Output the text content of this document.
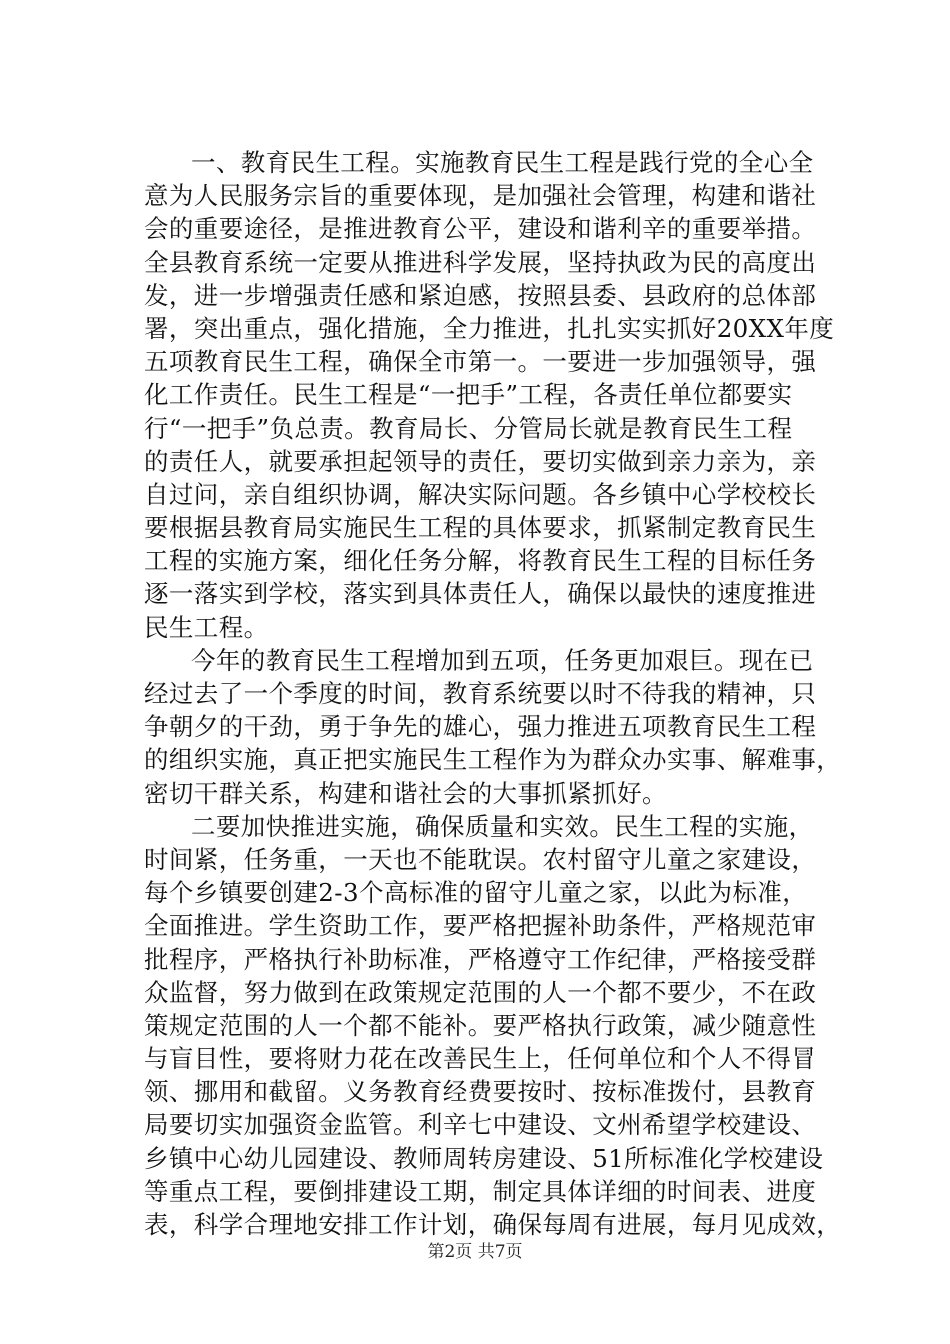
一、教育民生工程。实施教育民生工程是践行党的全心全
意为人民服务宗旨的重要体现，是加强社会管理，构建和谐社
会的重要途径，是推进教育公平，建设和谐利辛的重要举措。
全县教育系统一定要从推进科学发展，坚持执政为民的高度出
发，进一步增强责任感和紧迫感，按照县委、县政府的总体部
署，突出重点，强化措施，全力推进，扎扎实实抓好20XX年度
五项教育民生工程，确保全市第一。一要进一步加强领导，强
化工作责任。民生工程是“一把手”工程，各责任单位都要实
行“一把手”负总责。教育局长、分管局长就是教育民生工程
的责任人，就要承担起领导的责任，要切实做到亲力亲为，亲
自过问，亲自组织协调，解决实际问题。各乡镇中心学校校长
要根据县教育局实施民生工程的具体要求，抓紧制定教育民生
工程的实施方案，细化任务分解，将教育民生工程的目标任务
逐一落实到学校，落实到具体责任人，确保以最快的速度推进
民生工程。
今年的教育民生工程增加到五项，任务更加艰巨。现在已
经过去了一个季度的时间，教育系统要以时不待我的精神，只
争朝夕的干劲，勇于争先的雄心，强力推进五项教育民生工程
的组织实施，真正把实施民生工程作为为群众办实事、解难事，
密切干群关系，构建和谐社会的大事抓紧抓好。
二要加快推进实施，确保质量和实效。民生工程的实施，
时间紧，任务重，一天也不能耽误。农村留守儿童之家建设，
每个乡镇要创建2-3个高标准的留守儿童之家，以此为标准，
全面推进。学生资助工作，要严格把握补助条件，严格规范审
批程序，严格执行补助标准，严格遵守工作纪律，严格接受群
众监督，努力做到在政策规定范围的人一个都不要少，不在政
策规定范围的人一个都不能补。要严格执行政策，减少随意性
与盲目性，要将财力花在改善民生上，任何单位和个人不得冒
领、挪用和截留。义务教育经费要按时、按标准拨付，县教育
局要切实加强资金监管。利辛七中建设、文州希望学校建设、
乡镇中心幼儿园建设、教师周转房建设、51所标准化学校建设
等重点工程，要倒排建设工期，制定具体详细的时间表、进度
表，科学合理地安排工作计划，确保每周有进展，每月见成效，
第2页 共7页
